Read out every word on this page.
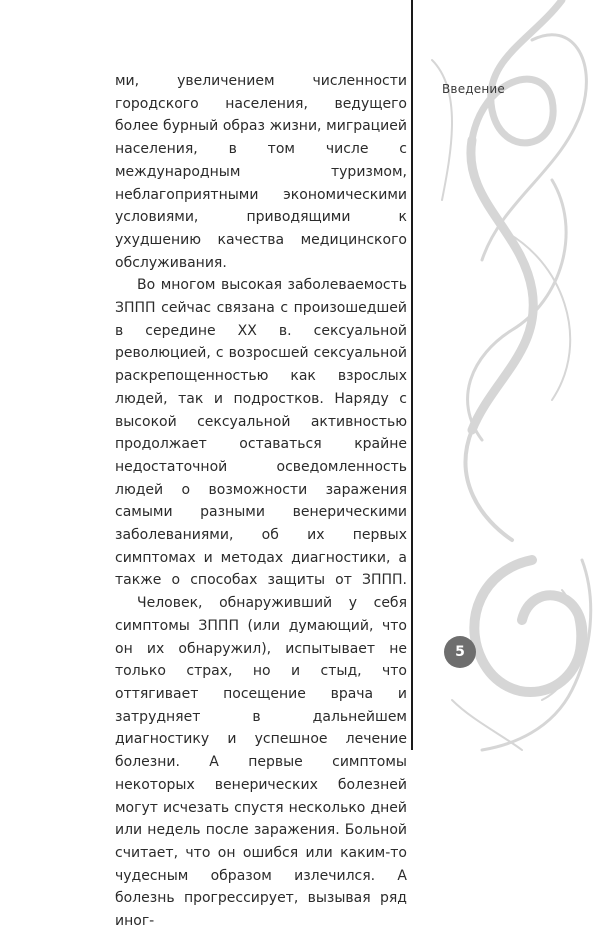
Введение

ми, увеличением численности городского населения, ведущего более бурный образ жизни, миграцией населения, в том числе с международным туризмом, неблагоприятными экономическими условиями, приводящими к ухудшению качества медицинского обслуживания.

Во многом высокая заболеваемость ЗППП сейчас связана с произошедшей в середине XX в. сексуальной революцией, с возросшей сексуальной раскрепощенностью как взрослых людей, так и подростков. Наряду с высокой сексуальной активностью продолжает оставаться крайне недостаточной осведомленность людей о возможности заражения самыми разными венерическими заболеваниями, об их первых симптомах и методах диагностики, а также о способах защиты от ЗППП.

Человек, обнаруживший у себя симптомы ЗППП (или думающий, что он их обнаружил), испытывает не только страх, но и стыд, что оттягивает посещение врача и затрудняет в дальнейшем диагностику и успешное лечение болезни. А первые симптомы некоторых венерических болезней могут исчезать спустя несколько дней или недель после заражения. Больной считает, что он ошибся или каким-то чудесным образом излечился. А болезнь прогрессирует, вызывая ряд иног-

5
